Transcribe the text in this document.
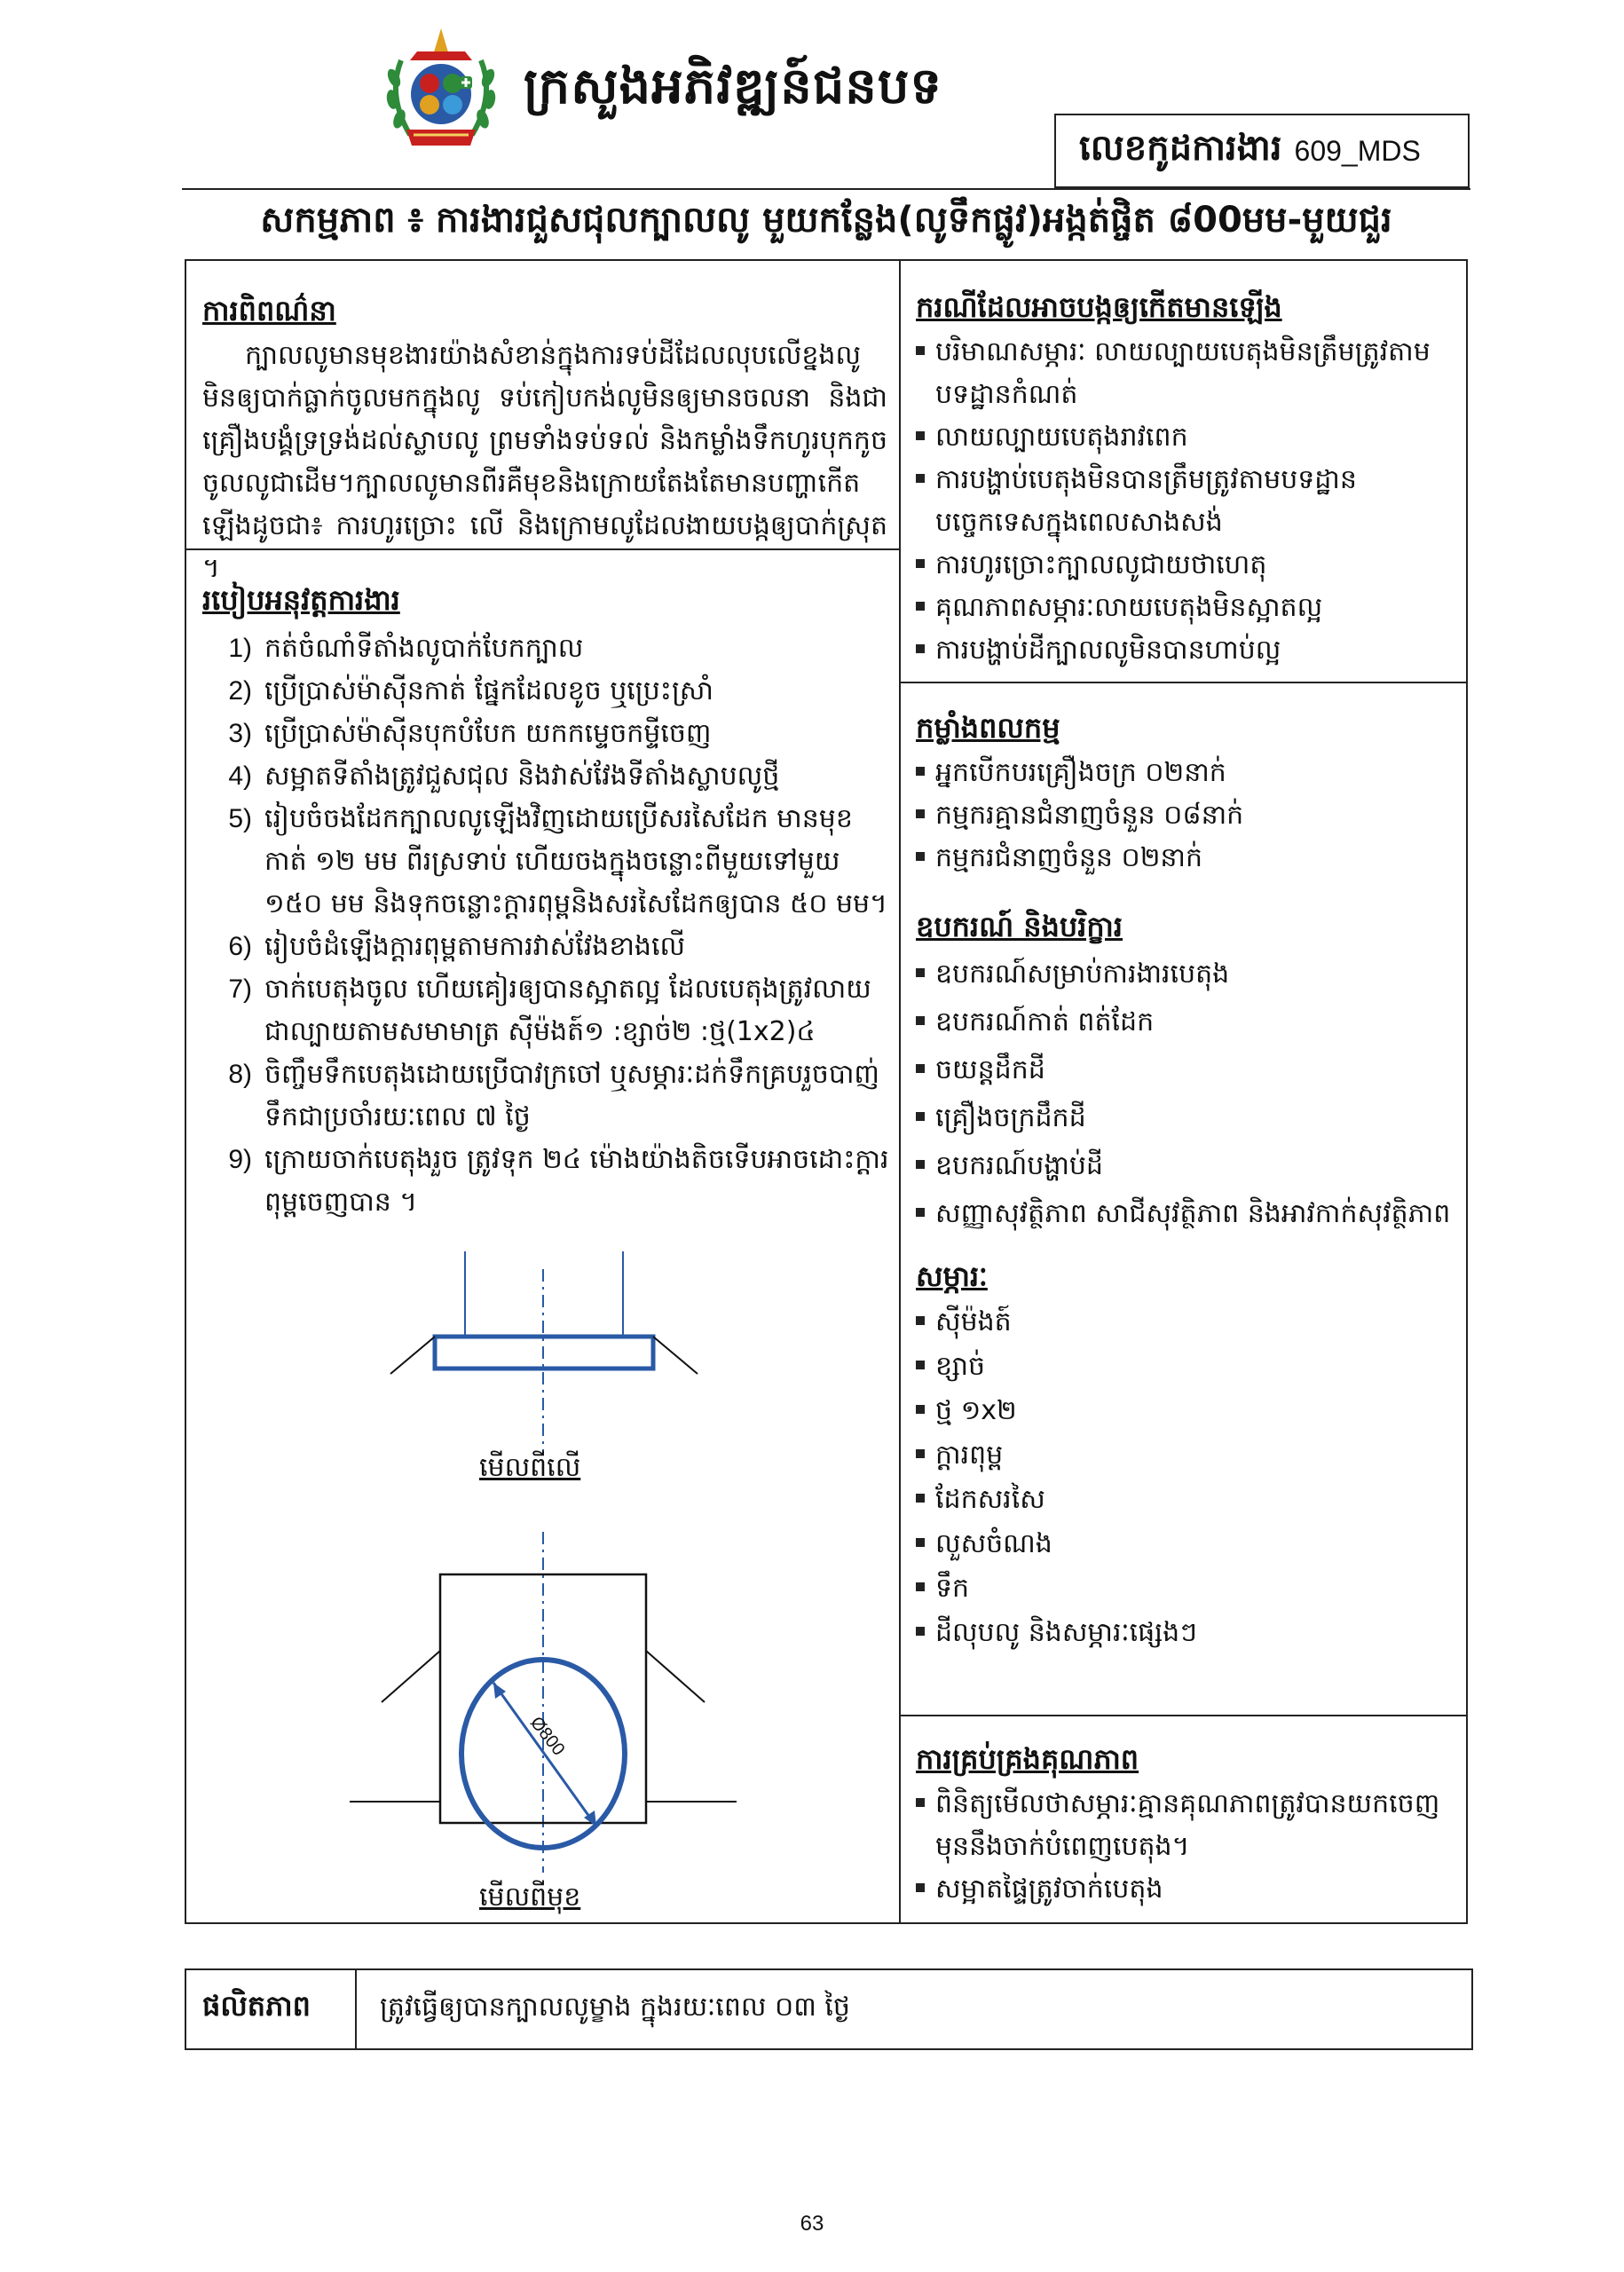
ក្រសួងអភិវឌ្ឍន៍ជនបទ
លេខកូដការងារ 609_MDS
សកម្មភាព ៖ ការងារជួសជុលក្បាលលូ មួយកន្លែង(លូទឹកផ្លូវ)អង្កត់ផ្ចិត ៨00មម-មួយជួរ
ការពិពណ៌នា
ក្បាលលូមានមុខងារយ៉ាងសំខាន់ក្នុងការទប់ដីដែលលុបលើខ្នងលូមិនឲ្យបាក់ធ្លាក់ចូលមកក្នុងលូ ទប់កៀបកង់លូមិនឲ្យមានចលនា និងជាគ្រឿងបង្គំទ្រទ្រង់ដល់ស្លាបលូ ព្រមទាំងទប់ទល់ និងកម្លាំងទឹកហូរបុកកូចចូលលូជាដើម។ក្បាលលូមានពីរគឺមុខនិងក្រោយតែងតែមានបញ្ហាកើតឡើងដូចជា៖ ការហូរច្រោះ លើ និងក្រោមលូដែលងាយបង្កឲ្យបាក់ស្រុត ។
របៀបអនុវត្តការងារ
1) កត់ចំណាំទីតាំងលូបាក់បែកក្បាល
2) ប្រើប្រាស់ម៉ាស៊ីនកាត់ ផ្នែកដែលខូច ឬប្រេះស្រាំ
3) ប្រើប្រាស់ម៉ាស៊ីនបុកបំបែក យកកម្ទេចកម្ទីចេញ
4) សម្អាតទីតាំងត្រូវជួសជុល និងវាស់វែងទីតាំងស្លាបលូថ្មី
5) រៀបចំចងដែកក្បាលលូឡើងវិញដោយប្រើសរសៃដែក មានមុខកាត់ ១២ មម ពីរស្រទាប់ ហើយចងក្នុងចន្លោះពីមួយទៅមួយ ១៥០ មម និងទុកចន្លោះក្តារពុម្ពនិងសរសៃដែកឲ្យបាន ៥០ មម។
6) រៀបចំដំឡើងក្តារពុម្ពតាមការវាស់វែងខាងលើ
7) ចាក់បេតុងចូល ហើយគៀរឲ្យបានស្អាតល្អ ដែលបេតុងត្រូវលាយជាល្បាយតាមសមាមាត្រ ស៊ីម៉ងត៍១ :ខ្សាច់២ :ថ្ម(1x2)៤
8) ចិញ្ចឹមទឹកបេតុងដោយប្រើបាវក្រចៅ ឬសម្ភារៈដក់ទឹកគ្របរួចបាញ់ទឹកជាប្រចាំរយៈពេល ៧ ថ្ងៃ
9) ក្រោយចាក់បេតុងរួច ត្រូវទុក ២៤ ម៉ោងយ៉ាងតិចទើបអាចដោះក្តារពុម្ពចេញបាន ។
Ø800
មើលពីលើ
មើលពីមុខ
ករណីដែលអាចបង្កឲ្យកើតមានឡើង
បរិមាណសម្ភារៈ លាយល្បាយបេតុងមិនត្រឹមត្រូវតាមបទដ្ឋានកំណត់
លាយល្បាយបេតុងរាវពេក
ការបង្ហាប់បេតុងមិនបានត្រឹមត្រូវតាមបទដ្ឋានបច្ចេកទេសក្នុងពេលសាងសង់
ការហូរច្រោះក្បាលលូជាយថាហេតុ
គុណភាពសម្ភារៈលាយបេតុងមិនស្អាតល្អ
ការបង្ហាប់ដីក្បាលលូមិនបានហាប់ល្អ
កម្លាំងពលកម្ម
អ្នកបើកបរគ្រឿងចក្រ ០២នាក់
កម្មករគ្មានជំនាញចំនួន ០៨នាក់
កម្មករជំនាញចំនួន ០២នាក់
ឧបករណ៍ និងបរិក្ខារ
ឧបករណ៍សម្រាប់ការងារបេតុង
ឧបករណ៍កាត់ ពត់ដែក
ចយន្តដឹកដី
គ្រឿងចក្រដឹកដី
ឧបករណ៍បង្ហាប់ដី
សញ្ញាសុវត្ថិភាព សាជីសុវត្ថិភាព និងអាវកាក់សុវត្ថិភាព
សម្ភារៈ
ស៊ីម៉ងត៍
ខ្សាច់
ថ្ម ១x២
ក្តារពុម្ព
ដែកសរសៃ
លួសចំណង
ទឹក
ដីលុបលូ និងសម្ភារៈផ្សេងៗ
ការគ្រប់គ្រងគុណភាព
ពិនិត្យមើលថាសម្ភារៈគ្មានគុណភាពត្រូវបានយកចេញមុននឹងចាក់បំពេញបេតុង។
សម្អាតផ្ទៃត្រូវចាក់បេតុង
ផលិតភាព	ត្រូវធ្វើឲ្យបានក្បាលលូម្ខាង ក្នុងរយៈពេល ០៣ ថ្ងៃ
63
